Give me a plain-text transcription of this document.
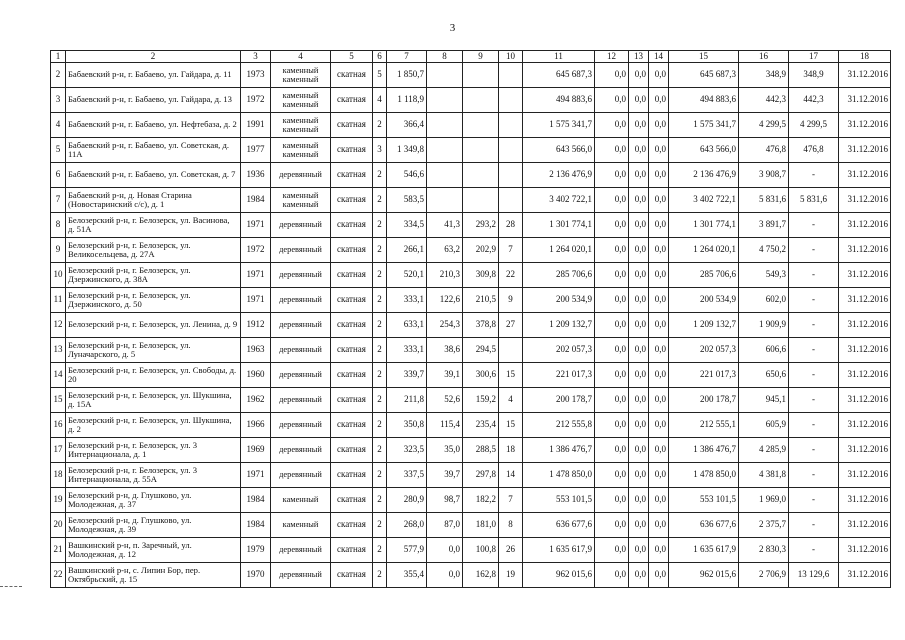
3
1	2	3	4	5	6	7	8	9	10	11	12	13	14	15	16	17	18
2	Бабаевский р-н, г. Бабаево, ул. Гайдара, д. 11	1973	каменный каменный	скатная	5	1 850,7				645 687,3	0,0	0,0	0,0	645 687,3	348,9	348,9	31.12.2016
3	Бабаевский р-н, г. Бабаево, ул. Гайдара, д. 13	1972	каменный каменный	скатная	4	1 118,9				494 883,6	0,0	0,0	0,0	494 883,6	442,3	442,3	31.12.2016
4	Бабаевский р-н, г. Бабаево, ул. Нефтебаза, д. 2	1991	каменный каменный	скатная	2	366,4				1 575 341,7	0,0	0,0	0,0	1 575 341,7	4 299,5	4 299,5	31.12.2016
5	Бабаевский р-н, г. Бабаево, ул. Советская, д. 11А	1977	каменный каменный	скатная	3	1 349,8				643 566,0	0,0	0,0	0,0	643 566,0	476,8	476,8	31.12.2016
6	Бабаевский р-н, г. Бабаево, ул. Советская, д. 7	1936	деревянный	скатная	2	546,6				2 136 476,9	0,0	0,0	0,0	2 136 476,9	3 908,7	-	31.12.2016
7	Бабаевский р-н, д. Новая Старина (Новостаринский с/с), д. 1	1984	каменный каменный	скатная	2	583,5				3 402 722,1	0,0	0,0	0,0	3 402 722,1	5 831,6	5 831,6	31.12.2016
8	Белозерский р-н, г. Белозерск, ул. Васинова, д. 51А	1971	деревянный	скатная	2	334,5	41,3	293,2	28	1 301 774,1	0,0	0,0	0,0	1 301 774,1	3 891,7	-	31.12.2016
9	Белозерский р-н, г. Белозерск, ул. Великосельцева, д. 27А	1972	деревянный	скатная	2	266,1	63,2	202,9	7	1 264 020,1	0,0	0,0	0,0	1 264 020,1	4 750,2	-	31.12.2016
10	Белозерский р-н, г. Белозерск, ул. Дзержинского, д. 38А	1971	деревянный	скатная	2	520,1	210,3	309,8	22	285 706,6	0,0	0,0	0,0	285 706,6	549,3	-	31.12.2016
11	Белозерский р-н, г. Белозерск, ул. Дзержинского, д. 50	1971	деревянный	скатная	2	333,1	122,6	210,5	9	200 534,9	0,0	0,0	0,0	200 534,9	602,0	-	31.12.2016
12	Белозерский р-н, г. Белозерск, ул. Ленина, д. 9	1912	деревянный	скатная	2	633,1	254,3	378,8	27	1 209 132,7	0,0	0,0	0,0	1 209 132,7	1 909,9	-	31.12.2016
13	Белозерский р-н, г. Белозерск, ул. Луначарского, д. 5	1963	деревянный	скатная	2	333,1	38,6	294,5		202 057,3	0,0	0,0	0,0	202 057,3	606,6	-	31.12.2016
14	Белозерский р-н, г. Белозерск, ул. Свободы, д. 20	1960	деревянный	скатная	2	339,7	39,1	300,6	15	221 017,3	0,0	0,0	0,0	221 017,3	650,6	-	31.12.2016
15	Белозерский р-н, г. Белозерск, ул. Шукшина, д. 15А	1962	деревянный	скатная	2	211,8	52,6	159,2	4	200 178,7	0,0	0,0	0,0	200 178,7	945,1	-	31.12.2016
16	Белозерский р-н, г. Белозерск, ул. Шукшина, д. 2	1966	деревянный	скатная	2	350,8	115,4	235,4	15	212 555,8	0,0	0,0	0,0	212 555,1	605,9	-	31.12.2016
17	Белозерский р-н, г. Белозерск, ул. 3 Интернационала, д. 1	1969	деревянный	скатная	2	323,5	35,0	288,5	18	1 386 476,7	0,0	0,0	0,0	1 386 476,7	4 285,9	-	31.12.2016
18	Белозерский р-н, г. Белозерск, ул. 3 Интернационала, д. 55А	1971	деревянный	скатная	2	337,5	39,7	297,8	14	1 478 850,0	0,0	0,0	0,0	1 478 850,0	4 381,8	-	31.12.2016
19	Белозерский р-н, д. Глушково, ул. Молодежная, д. 37	1984	каменный	скатная	2	280,9	98,7	182,2	7	553 101,5	0,0	0,0	0,0	553 101,5	1 969,0	-	31.12.2016
20	Белозерский р-н, д. Глушково, ул. Молодежная, д. 39	1984	каменный	скатная	2	268,0	87,0	181,0	8	636 677,6	0,0	0,0	0,0	636 677,6	2 375,7	-	31.12.2016
21	Вашкинский р-н, п. Заречный, ул. Молодежная, д. 12	1979	деревянный	скатная	2	577,9	0,0	100,8	26	1 635 617,9	0,0	0,0	0,0	1 635 617,9	2 830,3	-	31.12.2016
22	Вашкинский р-н, с. Липин Бор, пер. Октябрьский, д. 15	1970	деревянный	скатная	2	355,4	0,0	162,8	19	962 015,6	0,0	0,0	0,0	962 015,6	2 706,9	13 129,6	31.12.2016
